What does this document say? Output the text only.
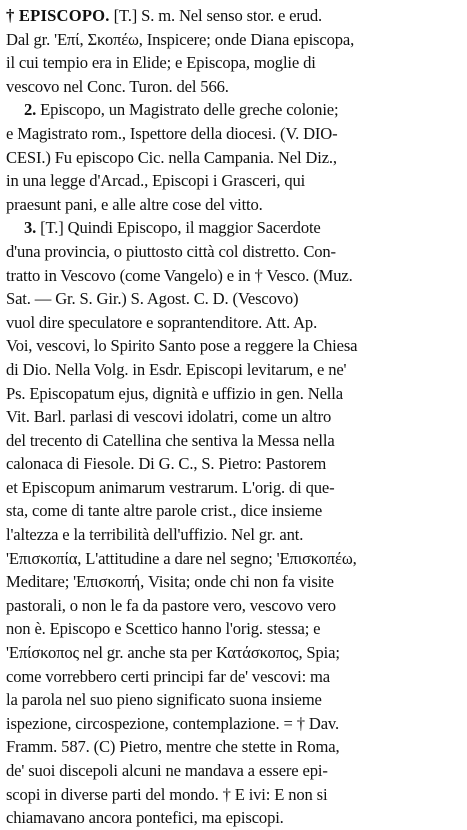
† EPISCOPO. [T.] S. m. Nel senso stor. e erud.
Dal gr. 'Επί, Σκοπέω, Inspicere; onde Diana episcopa,
il cui tempio era in Elide; e Episcopa, moglie di
vescovo nel Conc. Turon. del 566.

2. Episcopo, un Magistrato delle greche colonie;
e Magistrato rom., Ispettore della diocesi. (V. DIO-
CESI.) Fu episcopo Cic. nella Campania. Nel Diz.,
in una legge d'Arcad., Episcopi i Grasceri, qui
praesunt pani, e alle altre cose del vitto.

3. [T.] Quindi Episcopo, il maggior Sacerdote
d'una provincia, o piuttosto città col distretto. Con-
tratto in Vescovo (come Vangelo) e in † Vesco. (Muz.
Sat. — Gr. S. Gir.) S. Agost. C. D. (Vescovo)
vuol dire speculatore e soprantenditore. Att. Ap.
Voi, vescovi, lo Spirito Santo pose a reggere la Chiesa
di Dio. Nella Volg. in Esdr. Episcopi levitarum, e ne'
Ps. Episcopatum ejus, dignità e uffizio in gen. Nella
Vit. Barl. parlasi di vescovi idolatri, come un altro
del trecento di Catellina che sentiva la Messa nella
calonaca di Fiesole. Di G. C., S. Pietro: Pastorem
et Episcopum animarum vestrarum. L'orig. di que-
sta, come di tante altre parole crist., dice insieme
l'altezza e la terribilità dell'uffizio. Nel gr. ant.
'Επισκοπία, L'attitudine a dare nel segno; 'Επισκοπέω,
Meditare; 'Επισκοπή, Visita; onde chi non fa visite
pastorali, o non le fa da pastore vero, vescovo vero
non è. Episcopo e Scettico hanno l'orig. stessa; e
'Επίσκοπος nel gr. anche sta per Κατάσκοπος, Spia;
come vorrebbero certi principi far de' vescovi: ma
la parola nel suo pieno significato suona insieme
ispezione, circospezione, contemplazione. = † Dav.
Framm. 587. (C) Pietro, mentre che stette in Roma,
de' suoi discepoli alcuni ne mandava a essere epi-
scopi in diverse parti del mondo. † E ivi: E non si
chiamavano ancora pontefici, ma episcopi.
